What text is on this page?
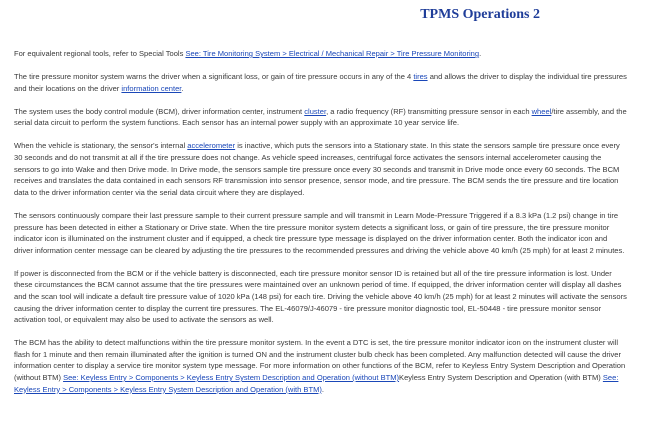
TPMS Operations 2

For equivalent regional tools, refer to Special Tools See: Tire Monitoring System > Electrical / Mechanical Repair > Tire Pressure Monitoring.

The tire pressure monitor system warns the driver when a significant loss, or gain of tire pressure occurs in any of the 4 tires and allows the driver to display the individual tire pressures and their locations on the driver information center.

The system uses the body control module (BCM), driver information center, instrument cluster, a radio frequency (RF) transmitting pressure sensor in each wheel/tire assembly, and the serial data circuit to perform the system functions. Each sensor has an internal power supply with an approximate 10 year service life.

When the vehicle is stationary, the sensor's internal accelerometer is inactive, which puts the sensors into a Stationary state. In this state the sensors sample tire pressure once every 30 seconds and do not transmit at all if the tire pressure does not change. As vehicle speed increases, centrifugal force activates the sensors internal accelerometer causing the sensors to go into Wake and then Drive mode. In Drive mode, the sensors sample tire pressure once every 30 seconds and transmit in Drive mode once every 60 seconds. The BCM receives and translates the data contained in each sensors RF transmission into sensor presence, sensor mode, and tire pressure. The BCM sends the tire pressure and tire location data to the driver information center via the serial data circuit where they are displayed.

The sensors continuously compare their last pressure sample to their current pressure sample and will transmit in Learn Mode-Pressure Triggered if a 8.3 kPa (1.2 psi) change in tire pressure has been detected in either a Stationary or Drive state. When the tire pressure monitor system detects a significant loss, or gain of tire pressure, the tire pressure monitor indicator icon is illuminated on the instrument cluster and if equipped, a check tire pressure type message is displayed on the driver information center. Both the indicator icon and driver information center message can be cleared by adjusting the tire pressures to the recommended pressures and driving the vehicle above 40 km/h (25 mph) for at least 2 minutes.

If power is disconnected from the BCM or if the vehicle battery is disconnected, each tire pressure monitor sensor ID is retained but all of the tire pressure information is lost. Under these circumstances the BCM cannot assume that the tire pressures were maintained over an unknown period of time. If equipped, the driver information center will display all dashes and the scan tool will indicate a default tire pressure value of 1020 kPa (148 psi) for each tire. Driving the vehicle above 40 km/h (25 mph) for at least 2 minutes will activate the sensors causing the driver information center to display the current tire pressures. The EL-46079/J-46079 - tire pressure monitor diagnostic tool, EL-50448 - tire pressure monitor sensor activation tool, or equivalent may also be used to activate the sensors as well.

The BCM has the ability to detect malfunctions within the tire pressure monitor system. In the event a DTC is set, the tire pressure monitor indicator icon on the instrument cluster will flash for 1 minute and then remain illuminated after the ignition is turned ON and the instrument cluster bulb check has been completed. Any malfunction detected will cause the driver information center to display a service tire monitor system type message. For more information on other functions of the BCM, refer to Keyless Entry System Description and Operation (without BTM) See: Keyless Entry > Components > Keyless Entry System Description and Operation (without BTM)Keyless Entry System Description and Operation (with BTM) See: Keyless Entry > Components > Keyless Entry System Description and Operation (with BTM).
